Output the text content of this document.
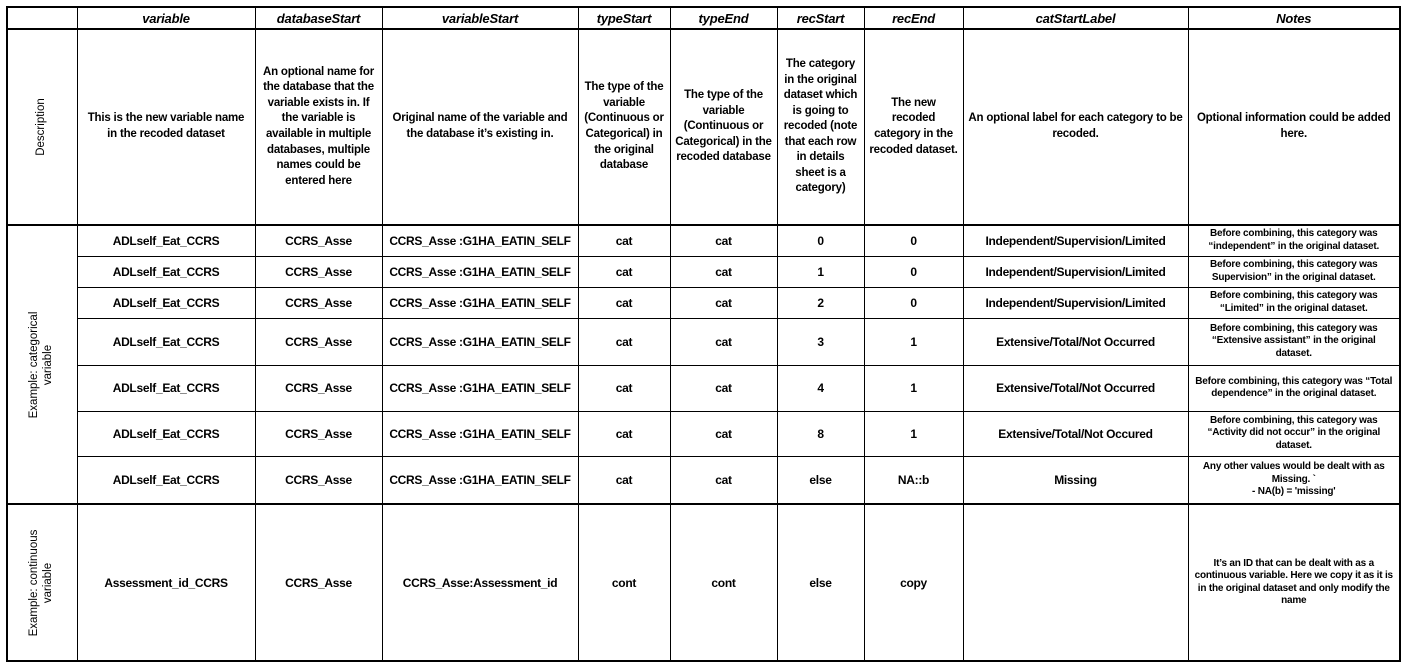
	variable	databaseStart	variableStart	typeStart	typeEnd	recStart	recEnd	catStartLabel	Notes

Description	This is the new variable name in the recoded dataset	An optional name for the database that the variable exists in. If the variable is available in multiple databases, multiple names could be entered here	Original name of the variable and the database it’s existing in.	The type of the variable (Continuous or Categorical) in the original database	The type of the variable (Continuous or Categorical) in the recoded database	The category in the original dataset which is going to recoded (note that each row in details sheet is a category)	The new recoded category in the recoded dataset.	An optional label for each category to be recoded.	Optional information could be added here.

Example: categorical variable	ADLself_Eat_CCRS	CCRS_Asse	CCRS_Asse :G1HA_EATIN_SELF	cat	cat	0	0	Independent/Supervision/Limited	Before combining, this category was “independent” in the original dataset.
	ADLself_Eat_CCRS	CCRS_Asse	CCRS_Asse :G1HA_EATIN_SELF	cat	cat	1	0	Independent/Supervision/Limited	Before combining, this category was Supervision” in the original dataset.
	ADLself_Eat_CCRS	CCRS_Asse	CCRS_Asse :G1HA_EATIN_SELF	cat	cat	2	0	Independent/Supervision/Limited	Before combining, this category was “Limited” in the original dataset.
	ADLself_Eat_CCRS	CCRS_Asse	CCRS_Asse :G1HA_EATIN_SELF	cat	cat	3	1	Extensive/Total/Not Occurred	Before combining, this category was “Extensive assistant” in the original dataset.
	ADLself_Eat_CCRS	CCRS_Asse	CCRS_Asse :G1HA_EATIN_SELF	cat	cat	4	1	Extensive/Total/Not Occurred	Before combining, this category was “Total dependence” in the original dataset.
	ADLself_Eat_CCRS	CCRS_Asse	CCRS_Asse :G1HA_EATIN_SELF	cat	cat	8	1	Extensive/Total/Not Occured	Before combining, this category was “Activity did not occur” in the original dataset.
	ADLself_Eat_CCRS	CCRS_Asse	CCRS_Asse :G1HA_EATIN_SELF	cat	cat	else	NA::b	Missing	Any other values would be dealt with as Missing. `
- NA(b) = 'missing'

Example: continuous variable	Assessment_id_CCRS	CCRS_Asse	CCRS_Asse:Assessment_id	cont	cont	else	copy		It’s an ID that can be dealt with as a continuous variable. Here we copy it as it is in the original dataset and only modify the name
